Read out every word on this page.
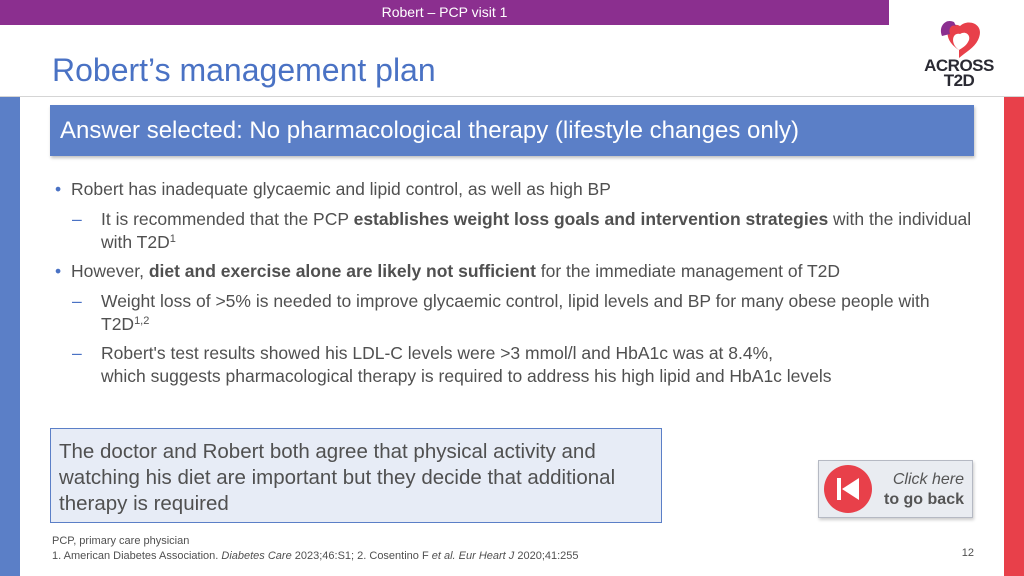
Robert – PCP visit 1
Robert’s management plan	ACROSS
T2D
Answer selected: No pharmacological therapy (lifestyle changes only)
• Robert has inadequate glycaemic and lipid control, as well as high BP
– It is recommended that the PCP establishes weight loss goals and intervention strategies with the individual with $T2D^1$
• However, diet and exercise alone are likely not sufficient for the immediate management of T2D
– Weight loss of >5% is needed to improve glycaemic control, lipid levels and BP for many obese people with $T2D^{1,2}$
– Robert's test results showed his LDL-C levels were >3 mmol/l and HbA1c was at 8.4%,
which suggests pharmacological therapy is required to address his high lipid and HbA1c levels
The doctor and Robert both agree that physical activity and watching his diet are important but they decide that additional therapy is required
Click here
to go back
PCP, primary care physician
1. American Diabetes Association. Diabetes Care 2023;46:S1; 2. Cosentino F et al. Eur Heart J 2020;41:255	12
